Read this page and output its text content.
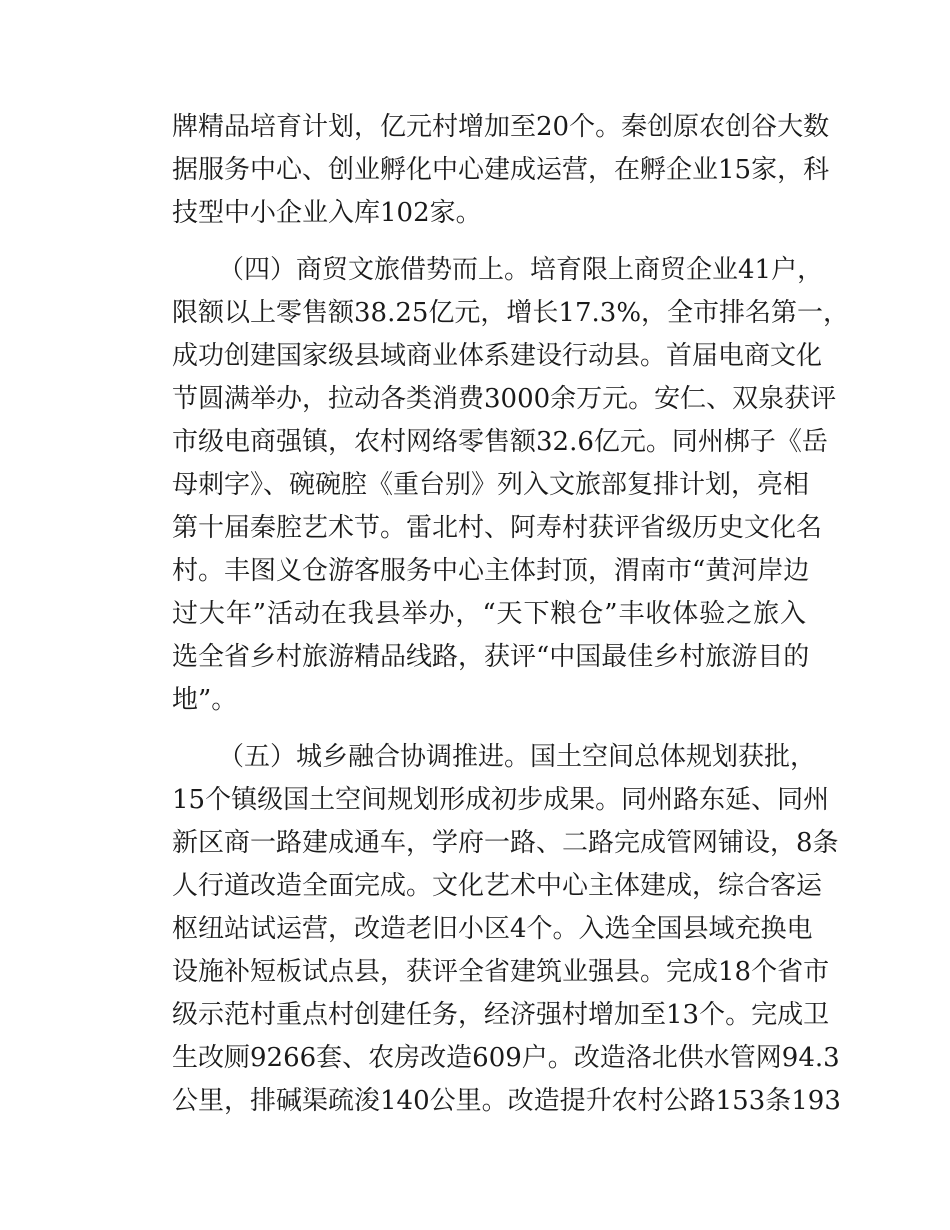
牌精品培育计划，亿元村增加至20个。秦创原农创谷大数
据服务中心、创业孵化中心建成运营，在孵企业15家，科
技型中小企业入库102家。
（四）商贸文旅借势而上。培育限上商贸企业41户，
限额以上零售额38.25亿元，增长17.3%，全市排名第一，
成功创建国家级县域商业体系建设行动县。首届电商文化
节圆满举办，拉动各类消费3000余万元。安仁、双泉获评
市级电商强镇，农村网络零售额32.6亿元。同州梆子《岳
母刺字》、碗碗腔《重台别》列入文旅部复排计划，亮相
第十届秦腔艺术节。雷北村、阿寿村获评省级历史文化名
村。丰图义仓游客服务中心主体封顶，渭南市“黄河岸边
过大年”活动在我县举办，“天下粮仓”丰收体验之旅入
选全省乡村旅游精品线路，获评“中国最佳乡村旅游目的
地”。
（五）城乡融合协调推进。国土空间总体规划获批，
15个镇级国土空间规划形成初步成果。同州路东延、同州
新区商一路建成通车，学府一路、二路完成管网铺设，8条
人行道改造全面完成。文化艺术中心主体建成，综合客运
枢纽站试运营，改造老旧小区4个。入选全国县域充换电
设施补短板试点县，获评全省建筑业强县。完成18个省市
级示范村重点村创建任务，经济强村增加至13个。完成卫
生改厕9266套、农房改造609户。改造洛北供水管网94.3
公里，排碱渠疏浚140公里。改造提升农村公路153条193
